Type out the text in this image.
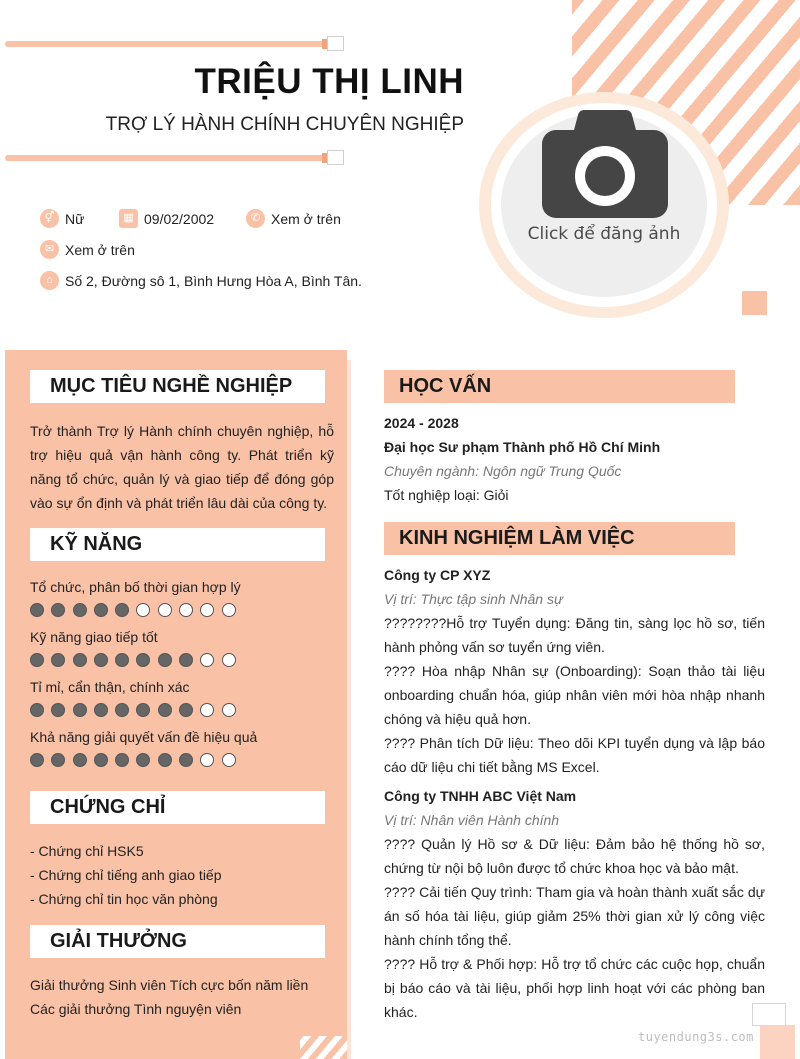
Click để đăng ảnh
TRIỆU THỊ LINH
TRỢ LÝ HÀNH CHÍNH CHUYÊN NGHIỆP
⚥ Nữ	▦ 09/02/2002	✆ Xem ở trên
✉ Xem ở trên
⌂ Số 2, Đường sô 1, Bình Hưng Hòa A, Bình Tân.
MỤC TIÊU NGHỀ NGHIỆP
Trở thành Trợ lý Hành chính chuyên nghiệp, hỗ trợ hiệu quả vận hành công ty. Phát triển kỹ năng tổ chức, quản lý và giao tiếp để đóng góp vào sự ổn định và phát triển lâu dài của công ty.
KỸ NĂNG
Tổ chức, phân bố thời gian hợp lý
Kỹ năng giao tiếp tốt
Tỉ mỉ, cẩn thận, chính xác
Khả năng giải quyết vấn đề hiệu quả
CHỨNG CHỈ
- Chứng chỉ HSK5
- Chứng chỉ tiếng anh giao tiếp
- Chứng chỉ tin học văn phòng
GIẢI THƯỞNG
Giải thưởng Sinh viên Tích cực bốn năm liền
Các giải thưởng Tình nguyện viên
HỌC VẤN
2024 - 2028
Đại học Sư phạm Thành phố Hồ Chí Minh
Chuyên ngành: Ngôn ngữ Trung Quốc
Tốt nghiệp loại: Giỏi
KINH NGHIỆM LÀM VIỆC
Công ty CP XYZ
Vị trí: Thực tập sinh Nhân sự
????????Hỗ trợ Tuyển dụng: Đăng tin, sàng lọc hồ sơ, tiến hành phỏng vấn sơ tuyển ứng viên.
???? Hòa nhập Nhân sự (Onboarding): Soạn thảo tài liệu onboarding chuẩn hóa, giúp nhân viên mới hòa nhập nhanh chóng và hiệu quả hơn.
???? Phân tích Dữ liệu: Theo dõi KPI tuyển dụng và lập báo cáo dữ liệu chi tiết bằng MS Excel.
Công ty TNHH ABC Việt Nam
Vị trí: Nhân viên Hành chính
???? Quản lý Hồ sơ & Dữ liệu: Đảm bảo hệ thống hồ sơ, chứng từ nội bộ luôn được tổ chức khoa học và bảo mật.
???? Cải tiến Quy trình: Tham gia và hoàn thành xuất sắc dự án số hóa tài liệu, giúp giảm 25% thời gian xử lý công việc hành chính tổng thể.
???? Hỗ trợ & Phối hợp: Hỗ trợ tổ chức các cuộc họp, chuẩn bị báo cáo và tài liệu, phối hợp linh hoạt với các phòng ban khác.
tuyendung3s.com
